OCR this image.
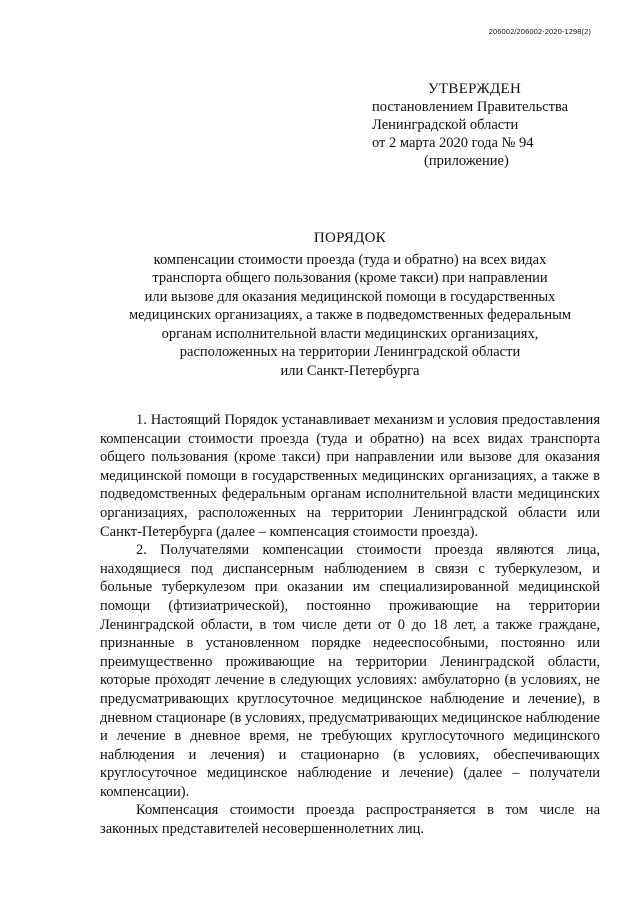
206002/206002-2020-1298(2)
УТВЕРЖДЕН
постановлением Правительства
Ленинградской области
от 2 марта 2020 года № 94
(приложение)
ПОРЯДОК
компенсации стоимости проезда (туда и обратно) на всех видах
транспорта общего пользования (кроме такси) при направлении
или вызове для оказания медицинской помощи в государственных
медицинских организациях, а также в подведомственных федеральным
органам исполнительной власти медицинских организациях,
расположенных на территории Ленинградской области
или Санкт-Петербурга

1. Настоящий Порядок устанавливает механизм и условия предоставления компенсации стоимости проезда (туда и обратно) на всех видах транспорта общего пользования (кроме такси) при направлении или вызове для оказания медицинской помощи в государственных медицинских организациях, а также в подведомственных федеральным органам исполнительной власти медицинских организациях, расположенных на территории Ленинградской области или Санкт-Петербурга (далее – компенсация стоимости проезда).

2. Получателями компенсации стоимости проезда являются лица, находящиеся под диспансерным наблюдением в связи с туберкулезом, и больные туберкулезом при оказании им специализированной медицинской помощи (фтизиатрической), постоянно проживающие на территории Ленинградской области, в том числе дети от 0 до 18 лет, а также граждане, признанные в установленном порядке недееспособными, постоянно или преимущественно проживающие на территории Ленинградской области, которые проходят лечение в следующих условиях: амбулаторно (в условиях, не предусматривающих круглосуточное медицинское наблюдение и лечение), в дневном стационаре (в условиях, предусматривающих медицинское наблюдение и лечение в дневное время, не требующих круглосуточного медицинского наблюдения и лечения) и стационарно (в условиях, обеспечивающих круглосуточное медицинское наблюдение и лечение) (далее – получатели компенсации).

Компенсация стоимости проезда распространяется в том числе на законных представителей несовершеннолетних лиц.
